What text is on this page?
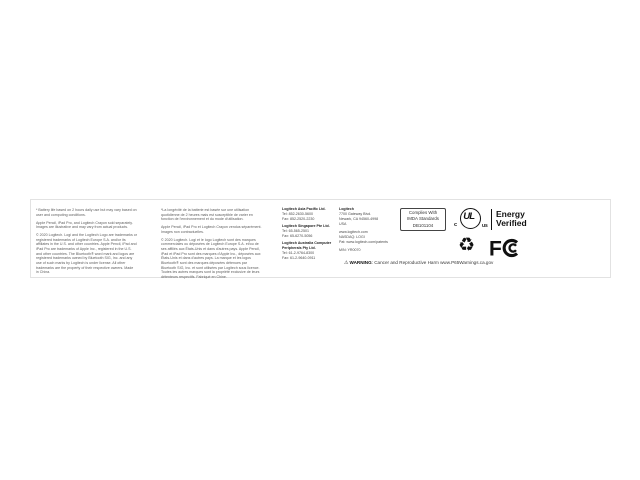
* Battery life based on 2 hours daily use but may vary based on user and computing conditions.

Apple Pencil, iPad Pro, and Logitech Crayon sold separately. Images are illustrative and may vary from actual products.

© 2020 Logitech. Logi and the Logitech Logo are trademarks or registered trademarks of Logitech Europe S.A. and/or its affiliates in the U.S. and other countries. Apple Pencil, iPad and iPad Pro are trademarks of Apple Inc., registered in the U.S. and other countries. The Bluetooth® word mark and logos are registered trademarks owned by Bluetooth SIG, Inc. and any use of such marks by Logitech is under license. All other trademarks are the property of their respective owners. Made in China.

*La longévité de la batterie est basée sur une utilisation quotidienne de 2 heures mais est susceptible de varier en fonction de l'environnement et du mode d'utilisation.

Apple Pencil, iPad Pro et Logitech Crayon vendus séparément. Images non contractuelles.

© 2020 Logitech. Logi et le logo Logitech sont des marques commerciales ou déposées de Logitech Europe S.A. et/ou de ses affiliés aux États-Unis et dans d'autres pays. Apple Pencil, iPad et iPad Pro sont des marques d'Apple Inc., déposées aux États-Unis et dans d'autres pays. La marque et les logos Bluetooth® sont des marques déposées détenues par Bluetooth SIG, Inc. et sont utilisées par Logitech sous licence. Toutes les autres marques sont la propriété exclusive de leurs détenteurs respectifs. Fabriqué en Chine.

Logitech Asia Pacific Ltd.
Tel: 852-2630-5600
Fax: 852-2520-2230
Logitech Singapore Pte Ltd.
Tel: 65-565-2501
Fax: 65-6270-5056
Logitech Australia Computer Peripherals Pty Ltd.
Tel: 61-2-9764-8300
Fax: 61-2-9640-0911
Logitech
7700 Gateway Blvd.
Newark, CA 94560-4998
USA
www.logitech.com
NASDAQ: LOGI
Pat: www.logitech.com/patents
M/N: YR0070
Complies With
IMDA Standards
DB101104	c
UL
us
Energy
Verified
♻ F
⚠WARNING: Cancer and Reproductive Harm www.P65Warnings.ca.gov
